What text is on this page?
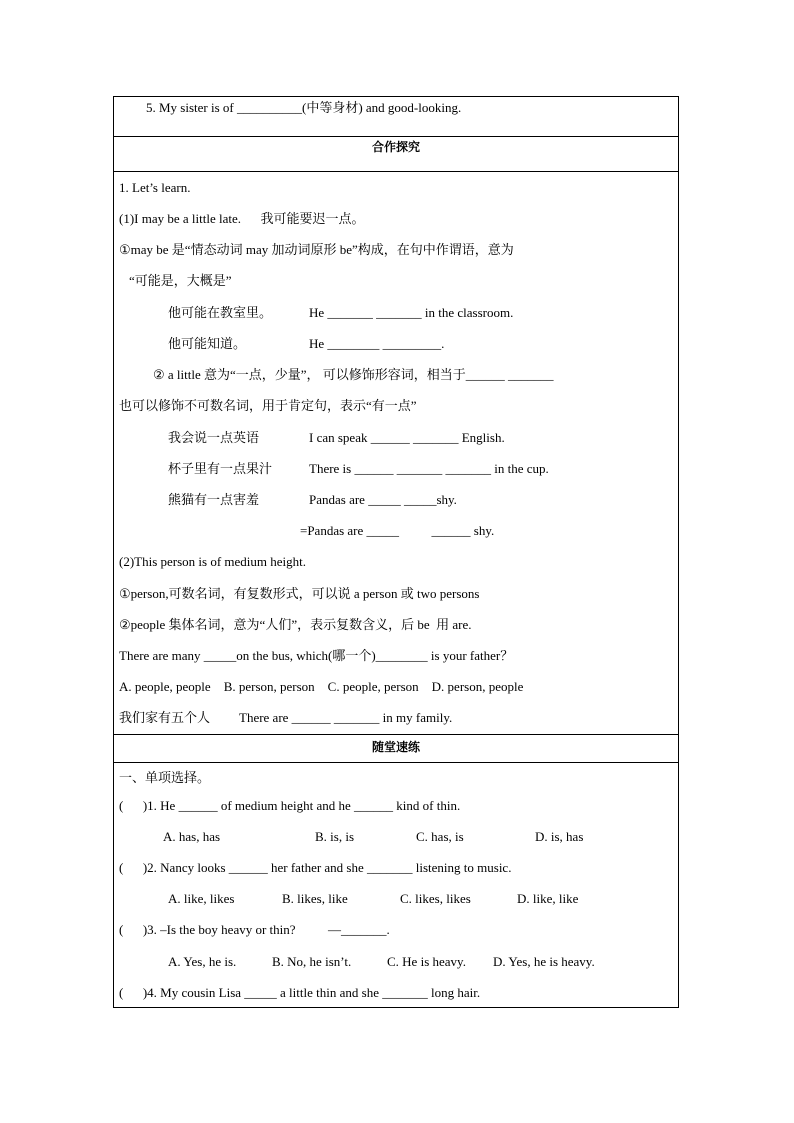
5. My sister is of __________(中等身材) and good-looking.
合作探究
1. Let’s learn.
(1)I may be a little late.      我可能要迟一点。
①may be 是“情态动词 may 加动词原形 be”构成，在句中作谓语，意为
“可能是，大概是”
他可能在教室里。	He _______ _______ in the classroom.
他可能知道。	He ________ _________.
② a little 意为“一点，少量”， 可以修饰形容词，相当于______ _______
也可以修饰不可数名词，用于肯定句，表示“有一点”
我会说一点英语	I can speak ______ _______ English.
杯子里有一点果汁	There is ______ _______ _______ in the cup.
熊猫有一点害羞	Pandas are _____ _____shy.
=Pandas are _____          ______ shy.
(2)This person is of medium height.
①person,可数名词，有复数形式，可以说 a person 或 two persons
②people 集体名词，意为“人们”，表示复数含义，后 be  用 are.
There are many _____on the bus, which(哪一个)________ is your father？
A. people, people    B. person, person    C. people, person    D. person, people
我们家有五个人 There are ______ _______ in my family.
随堂速练
一、单项选择。
(      )1. He ______ of medium height and he ______ kind of thin.
A. has, has	B. is, is	C. has, is	D. is, has
(      )2. Nancy looks ______ her father and she _______ listening to music.
A. like, likes	B. likes, like	C. likes, likes	D. like, like
(      )3. –Is the boy heavy or thin?          —_______.
A. Yes, he is.	B. No, he isn’t.	C. He is heavy. D. Yes, he is heavy.
(      )4. My cousin Lisa _____ a little thin and she _______ long hair.
